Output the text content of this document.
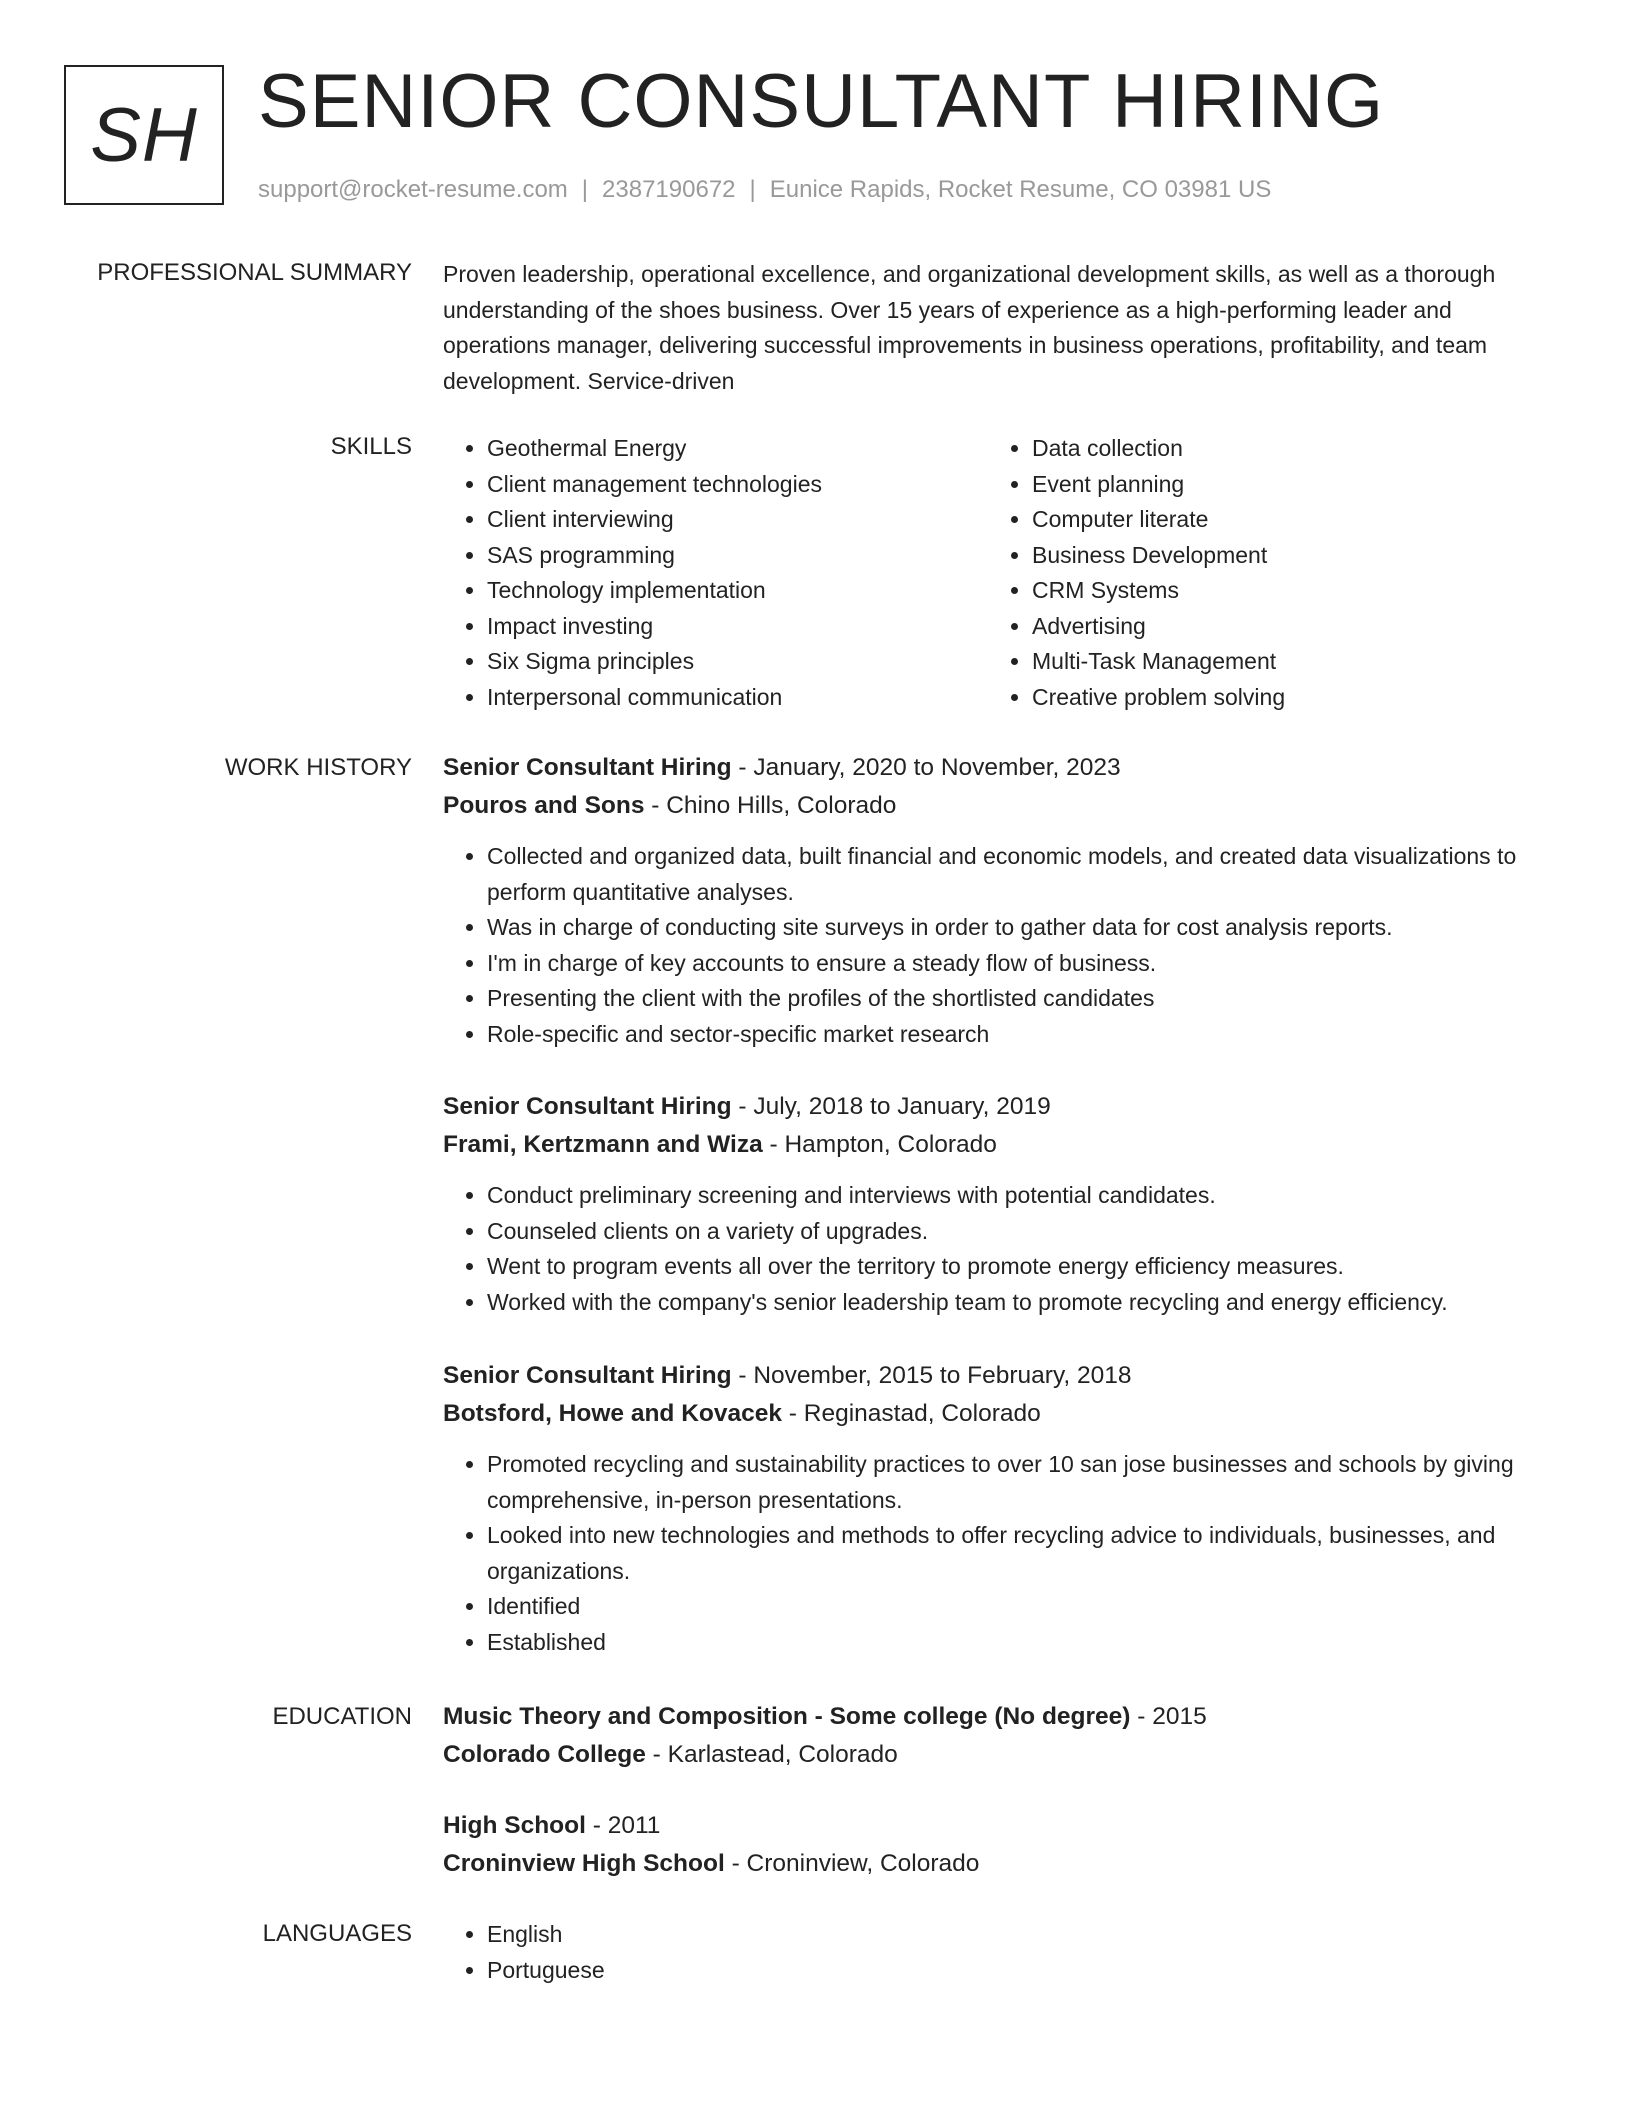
SH SENIOR CONSULTANT HIRING
support@rocket-resume.com | 2387190672 | Eunice Rapids, Rocket Resume, CO 03981 US
PROFESSIONAL SUMMARY Proven leadership, operational excellence, and organizational development skills, as well as a thorough understanding of the shoes business. Over 15 years of experience as a high-performing leader and operations manager, delivering successful improvements in business operations, profitability, and team development. Service-driven

SKILLS	• Geothermal Energy
• Client management technologies
• Client interviewing
• SAS programming
• Technology implementation
• Impact investing
• Six Sigma principles
• Interpersonal communication
• Data collection
• Event planning
• Computer literate
• Business Development
• CRM Systems
• Advertising
• Multi-Task Management
• Creative problem solving
WORK HISTORY Senior Consultant Hiring - January, 2020 to November, 2023
Pouros and Sons - Chino Hills, Colorado
• Collected and organized data, built financial and economic models, and created data visualizations to perform quantitative analyses.
• Was in charge of conducting site surveys in order to gather data for cost analysis reports.
• I'm in charge of key accounts to ensure a steady flow of business.
• Presenting the client with the profiles of the shortlisted candidates
• Role-specific and sector-specific market research
Senior Consultant Hiring - July, 2018 to January, 2019
Frami, Kertzmann and Wiza - Hampton, Colorado
• Conduct preliminary screening and interviews with potential candidates.
• Counseled clients on a variety of upgrades.
• Went to program events all over the territory to promote energy efficiency measures.
• Worked with the company's senior leadership team to promote recycling and energy efficiency.
Senior Consultant Hiring - November, 2015 to February, 2018
Botsford, Howe and Kovacek - Reginastad, Colorado
• Promoted recycling and sustainability practices to over 10 san jose businesses and schools by giving comprehensive, in-person presentations.
• Looked into new technologies and methods to offer recycling advice to individuals, businesses, and organizations.
• Identified
• Established
EDUCATION Music Theory and Composition - Some college (No degree) - 2015
Colorado College - Karlastead, Colorado
High School - 2011
Croninview High School - Croninview, Colorado
LANGUAGES	• English
• Portuguese
